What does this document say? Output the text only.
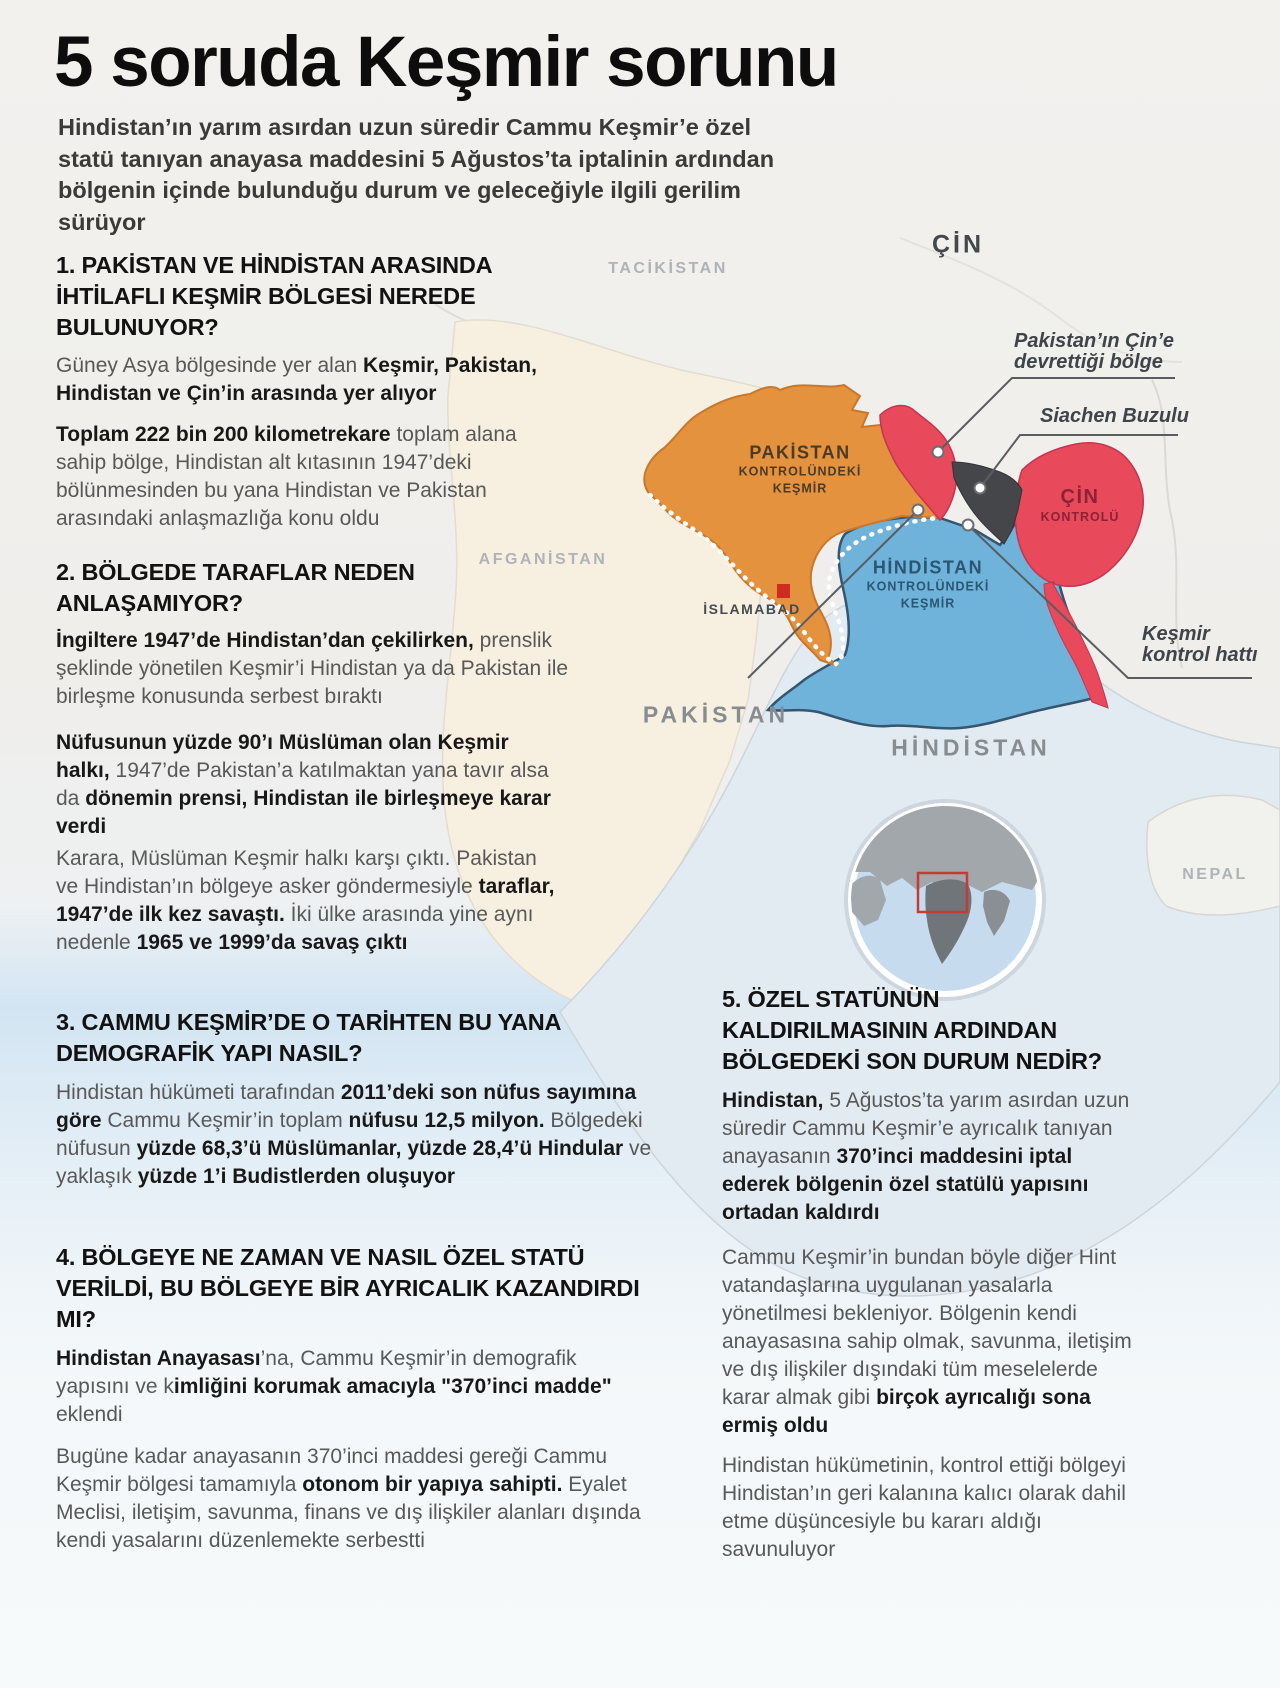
ÇİN
TACİKİSTAN
AFGANİSTAN
PAKİSTAN
HİNDİSTAN
NEPAL
İSLAMABAD
PAKİSTAN
KONTROLÜNDEKİ
KEŞMİR
HİNDİSTAN
KONTROLÜNDEKİ
KEŞMİR
ÇİN
KONTROLÜ
Pakistan’ın Çin’e
devrettiği bölge
Siachen Buzulu
Keşmir
kontrol hattı
5 soruda Keşmir sorunu
Hindistan’ın yarım asırdan uzun süredir Cammu Keşmir’e özel statü tanıyan anayasa maddesini 5 Ağustos’ta iptalinin ardından bölgenin içinde bulunduğu durum ve geleceğiyle ilgili gerilim sürüyor
1. PAKİSTAN VE HİNDİSTAN ARASINDA İHTİLAFLI KEŞMİR BÖLGESİ NEREDE BULUNUYOR?
Güney Asya bölgesinde yer alan Keşmir, Pakistan, Hindistan ve Çin’in arasında yer alıyor
Toplam 222 bin 200 kilometrekare toplam alana sahip bölge, Hindistan alt kıtasının 1947’deki bölünmesinden bu yana Hindistan ve Pakistan arasındaki anlaşmazlığa konu oldu
2. BÖLGEDE TARAFLAR NEDEN ANLAŞAMIYOR?
İngiltere 1947’de Hindistan’dan çekilirken, prenslik şeklinde yönetilen Keşmir’i Hindistan ya da Pakistan ile birleşme konusunda serbest bıraktı
Nüfusunun yüzde 90’ı Müslüman olan Keşmir halkı, 1947’de Pakistan’a katılmaktan yana tavır alsa da dönemin prensi, Hindistan ile birleşmeye karar verdi
Karara, Müslüman Keşmir halkı karşı çıktı. Pakistan ve Hindistan’ın bölgeye asker göndermesiyle taraflar, 1947’de ilk kez savaştı. İki ülke arasında yine aynı nedenle 1965 ve 1999’da savaş çıktı
3. CAMMU KEŞMİR’DE O TARİHTEN BU YANA DEMOGRAFİK YAPI NASIL?
Hindistan hükümeti tarafından 2011’deki son nüfus sayımına göre Cammu Keşmir’in toplam nüfusu 12,5 milyon. Bölgedeki nüfusun yüzde 68,3’ü Müslümanlar, yüzde 28,4’ü Hindular ve yaklaşık yüzde 1’i Budistlerden oluşuyor
4. BÖLGEYE NE ZAMAN VE NASIL ÖZEL STATÜ VERİLDİ, BU BÖLGEYE BİR AYRICALIK KAZANDIRDI MI?
Hindistan Anayasası’na, Cammu Keşmir’in demografik yapısını ve kimliğini korumak amacıyla "370’inci madde" eklendi
Bugüne kadar anayasanın 370’inci maddesi gereği Cammu Keşmir bölgesi tamamıyla otonom bir yapıya sahipti. Eyalet Meclisi, iletişim, savunma, finans ve dış ilişkiler alanları dışında kendi yasalarını düzenlemekte serbestti
5. ÖZEL STATÜNÜN KALDIRILMASININ ARDINDAN BÖLGEDEKİ SON DURUM NEDİR?
Hindistan, 5 Ağustos’ta yarım asırdan uzun süredir Cammu Keşmir’e ayrıcalık tanıyan anayasanın 370’inci maddesini iptal ederek bölgenin özel statülü yapısını ortadan kaldırdı
Cammu Keşmir’in bundan böyle diğer Hint vatandaşlarına uygulanan yasalarla yönetilmesi bekleniyor. Bölgenin kendi anayasasına sahip olmak, savunma, iletişim ve dış ilişkiler dışındaki tüm meselelerde karar almak gibi birçok ayrıcalığı sona ermiş oldu
Hindistan hükümetinin, kontrol ettiği bölgeyi Hindistan’ın geri kalanına kalıcı olarak dahil etme düşüncesiyle bu kararı aldığı savunuluyor
